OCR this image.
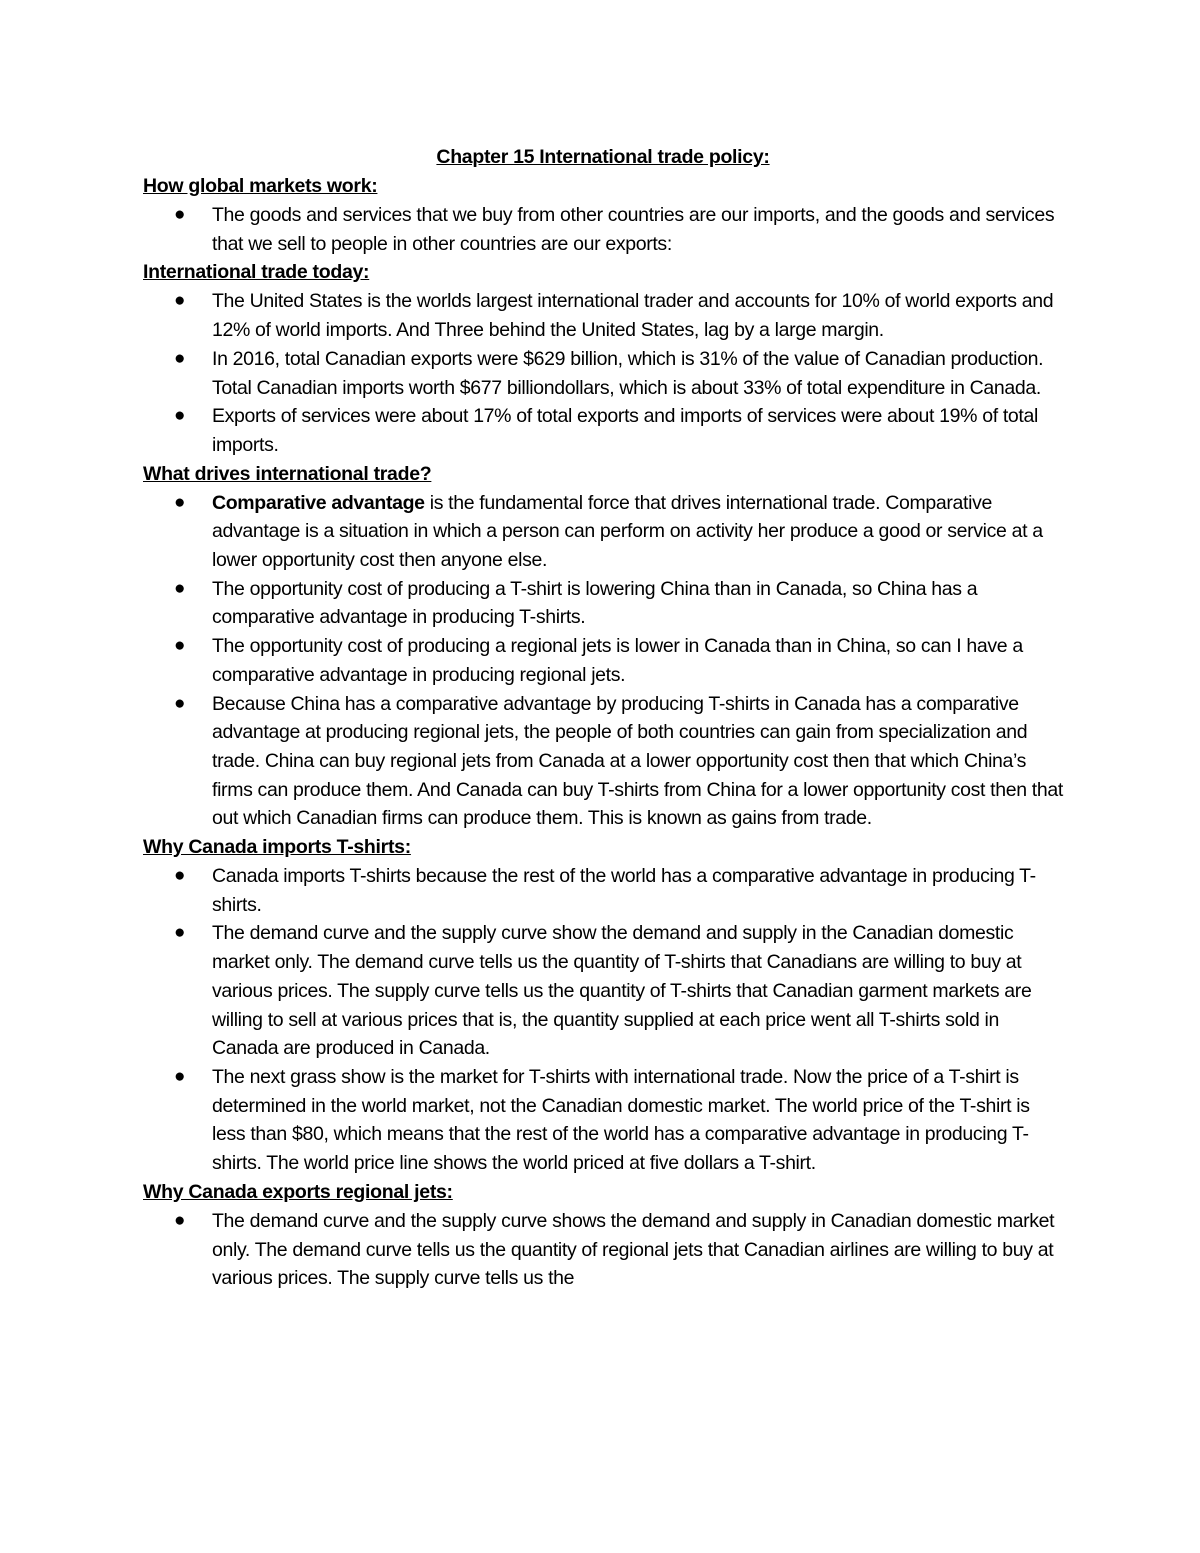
Chapter 15 International trade policy:
How global markets work:
● The goods and services that we buy from other countries are our imports, and the goods and services that we sell to people in other countries are our exports:
International trade today:
● The United States is the worlds largest international trader and accounts for 10% of world exports and 12% of world imports. And Three behind the United States, lag by a large margin.
● In 2016, total Canadian exports were $629 billion, which is 31% of the value of Canadian production. Total Canadian imports worth $677 billiondollars, which is about 33% of total expenditure in Canada.
● Exports of services were about 17% of total exports and imports of services were about 19% of total imports.
What drives international trade?
● Comparative advantage is the fundamental force that drives international trade. Comparative advantage is a situation in which a person can perform on activity her produce a good or service at a lower opportunity cost then anyone else.
● The opportunity cost of producing a T-shirt is lowering China than in Canada, so China has a comparative advantage in producing T-shirts.
● The opportunity cost of producing a regional jets is lower in Canada than in China, so can I have a comparative advantage in producing regional jets.
● Because China has a comparative advantage by producing T-shirts in Canada has a comparative advantage at producing regional jets, the people of both countries can gain from specialization and trade. China can buy regional jets from Canada at a lower opportunity cost then that which China’s firms can produce them. And Canada can buy T-shirts from China for a lower opportunity cost then that out which Canadian firms can produce them. This is known as gains from trade.
Why Canada imports T-shirts:
● Canada imports T-shirts because the rest of the world has a comparative advantage in producing T-shirts.
● The demand curve and the supply curve show the demand and supply in the Canadian domestic market only. The demand curve tells us the quantity of T-shirts that Canadians are willing to buy at various prices. The supply curve tells us the quantity of T-shirts that Canadian garment markets are willing to sell at various prices that is, the quantity supplied at each price went all T-shirts sold in Canada are produced in Canada.
● The next grass show is the market for T-shirts with international trade. Now the price of a T-shirt is determined in the world market, not the Canadian domestic market. The world price of the T-shirt is less than $80, which means that the rest of the world has a comparative advantage in producing T-shirts. The world price line shows the world priced at five dollars a T-shirt.
Why Canada exports regional jets:
● The demand curve and the supply curve shows the demand and supply in Canadian domestic market only. The demand curve tells us the quantity of regional jets that Canadian airlines are willing to buy at various prices. The supply curve tells us the
